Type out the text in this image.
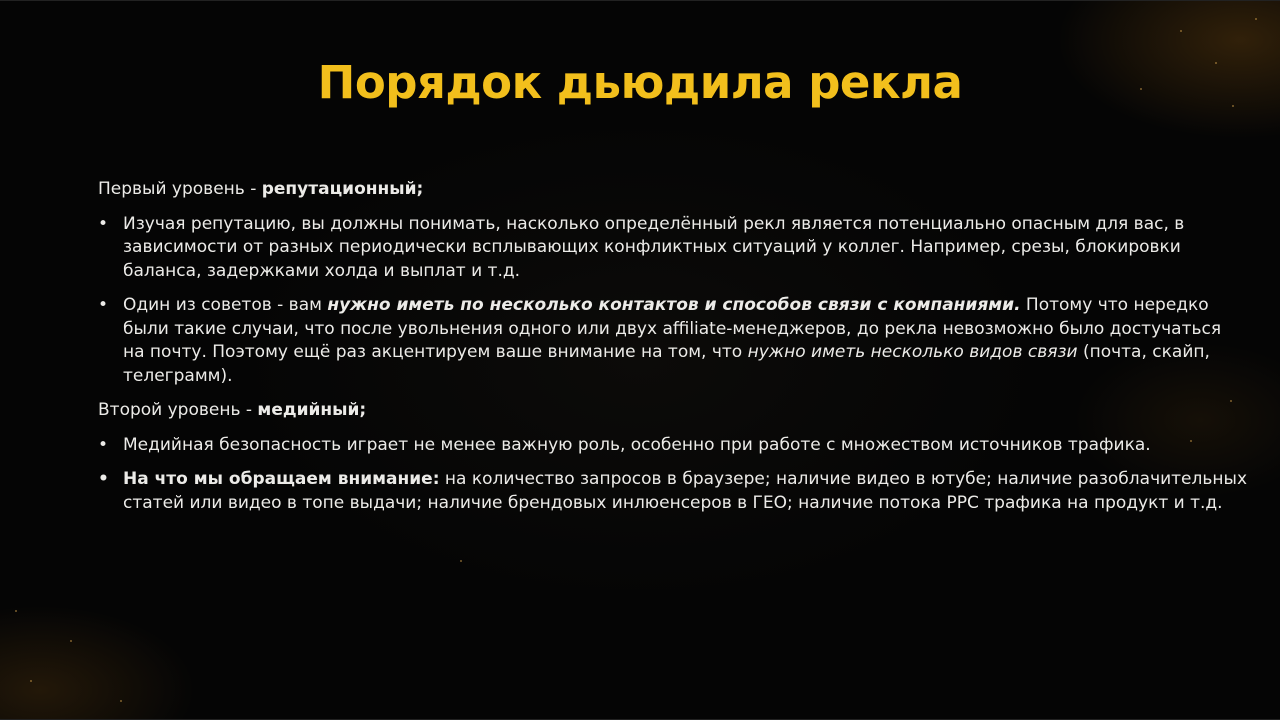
Порядок дьюдила рекла

Первый уровень - репутационный;

• Изучая репутацию, вы должны понимать, насколько определённый рекл является потенциально опасным для вас, в зависимости от разных периодически всплывающих конфликтных ситуаций у коллег. Например, срезы, блокировки баланса, задержками холда и выплат и т.д.
• Один из советов - вам нужно иметь по несколько контактов и способов связи с компаниями. Потому что нередко были такие случаи, что после увольнения одного или двух affiliate-менеджеров, до рекла невозможно было достучаться на почту. Поэтому ещё раз акцентируем ваше внимание на том, что нужно иметь несколько видов связи (почта, скайп, телеграмм).

Второй уровень - медийный;

• Медийная безопасность играет не менее важную роль, особенно при работе с множеством источников трафика.
• На что мы обращаем внимание: на количество запросов в браузере; наличие видео в ютубе; наличие разоблачительных статей или видео в топе выдачи; наличие брендовых инлюенсеров в ГЕО; наличие потока PPC трафика на продукт и т.д.
